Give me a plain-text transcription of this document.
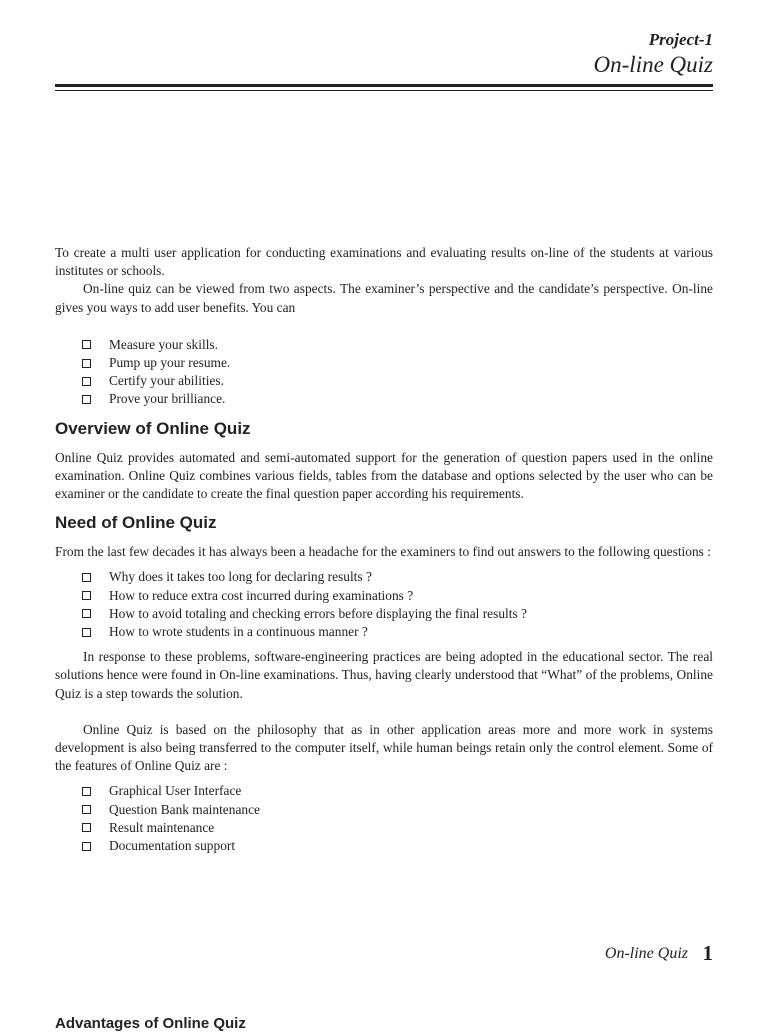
Project-1
On-line Quiz

To create a multi user application for conducting examinations and evaluating results on-line of the students at various institutes or schools.

On-line quiz can be viewed from two aspects. The examiner’s perspective and the candidate’s perspective. On-line gives you ways to add user benefits. You can

Measure your skills.
Pump up your resume.
Certify your abilities.
Prove your brilliance.
Overview of Online Quiz

Online Quiz provides automated and semi-automated support for the generation of question papers used in the online examination. Online Quiz combines various fields, tables from the database and options selected by the user who can be examiner or the candidate to create the final question paper according his requirements.

Need of Online Quiz

From the last few decades it has always been a headache for the examiners to find out answers to the following questions :

Why does it takes too long for declaring results ?
How to reduce extra cost incurred during examinations ?
How to avoid totaling and checking errors before displaying the final results ?
How to wrote students in a continuous manner ?

In response to these problems, software-engineering practices are being adopted in the educational sector. The real solutions hence were found in On-line examinations. Thus, having clearly understood that “What” of the problems, Online Quiz is a step towards the solution.

Online Quiz is based on the philosophy that as in other application areas more and more work in systems development is also being transferred to the computer itself, while human beings retain only the control element. Some of the features of Online Quiz are :

Graphical User Interface
Question Bank maintenance
Result maintenance
Documentation support
On-line Quiz 1
Advantages of Online Quiz
